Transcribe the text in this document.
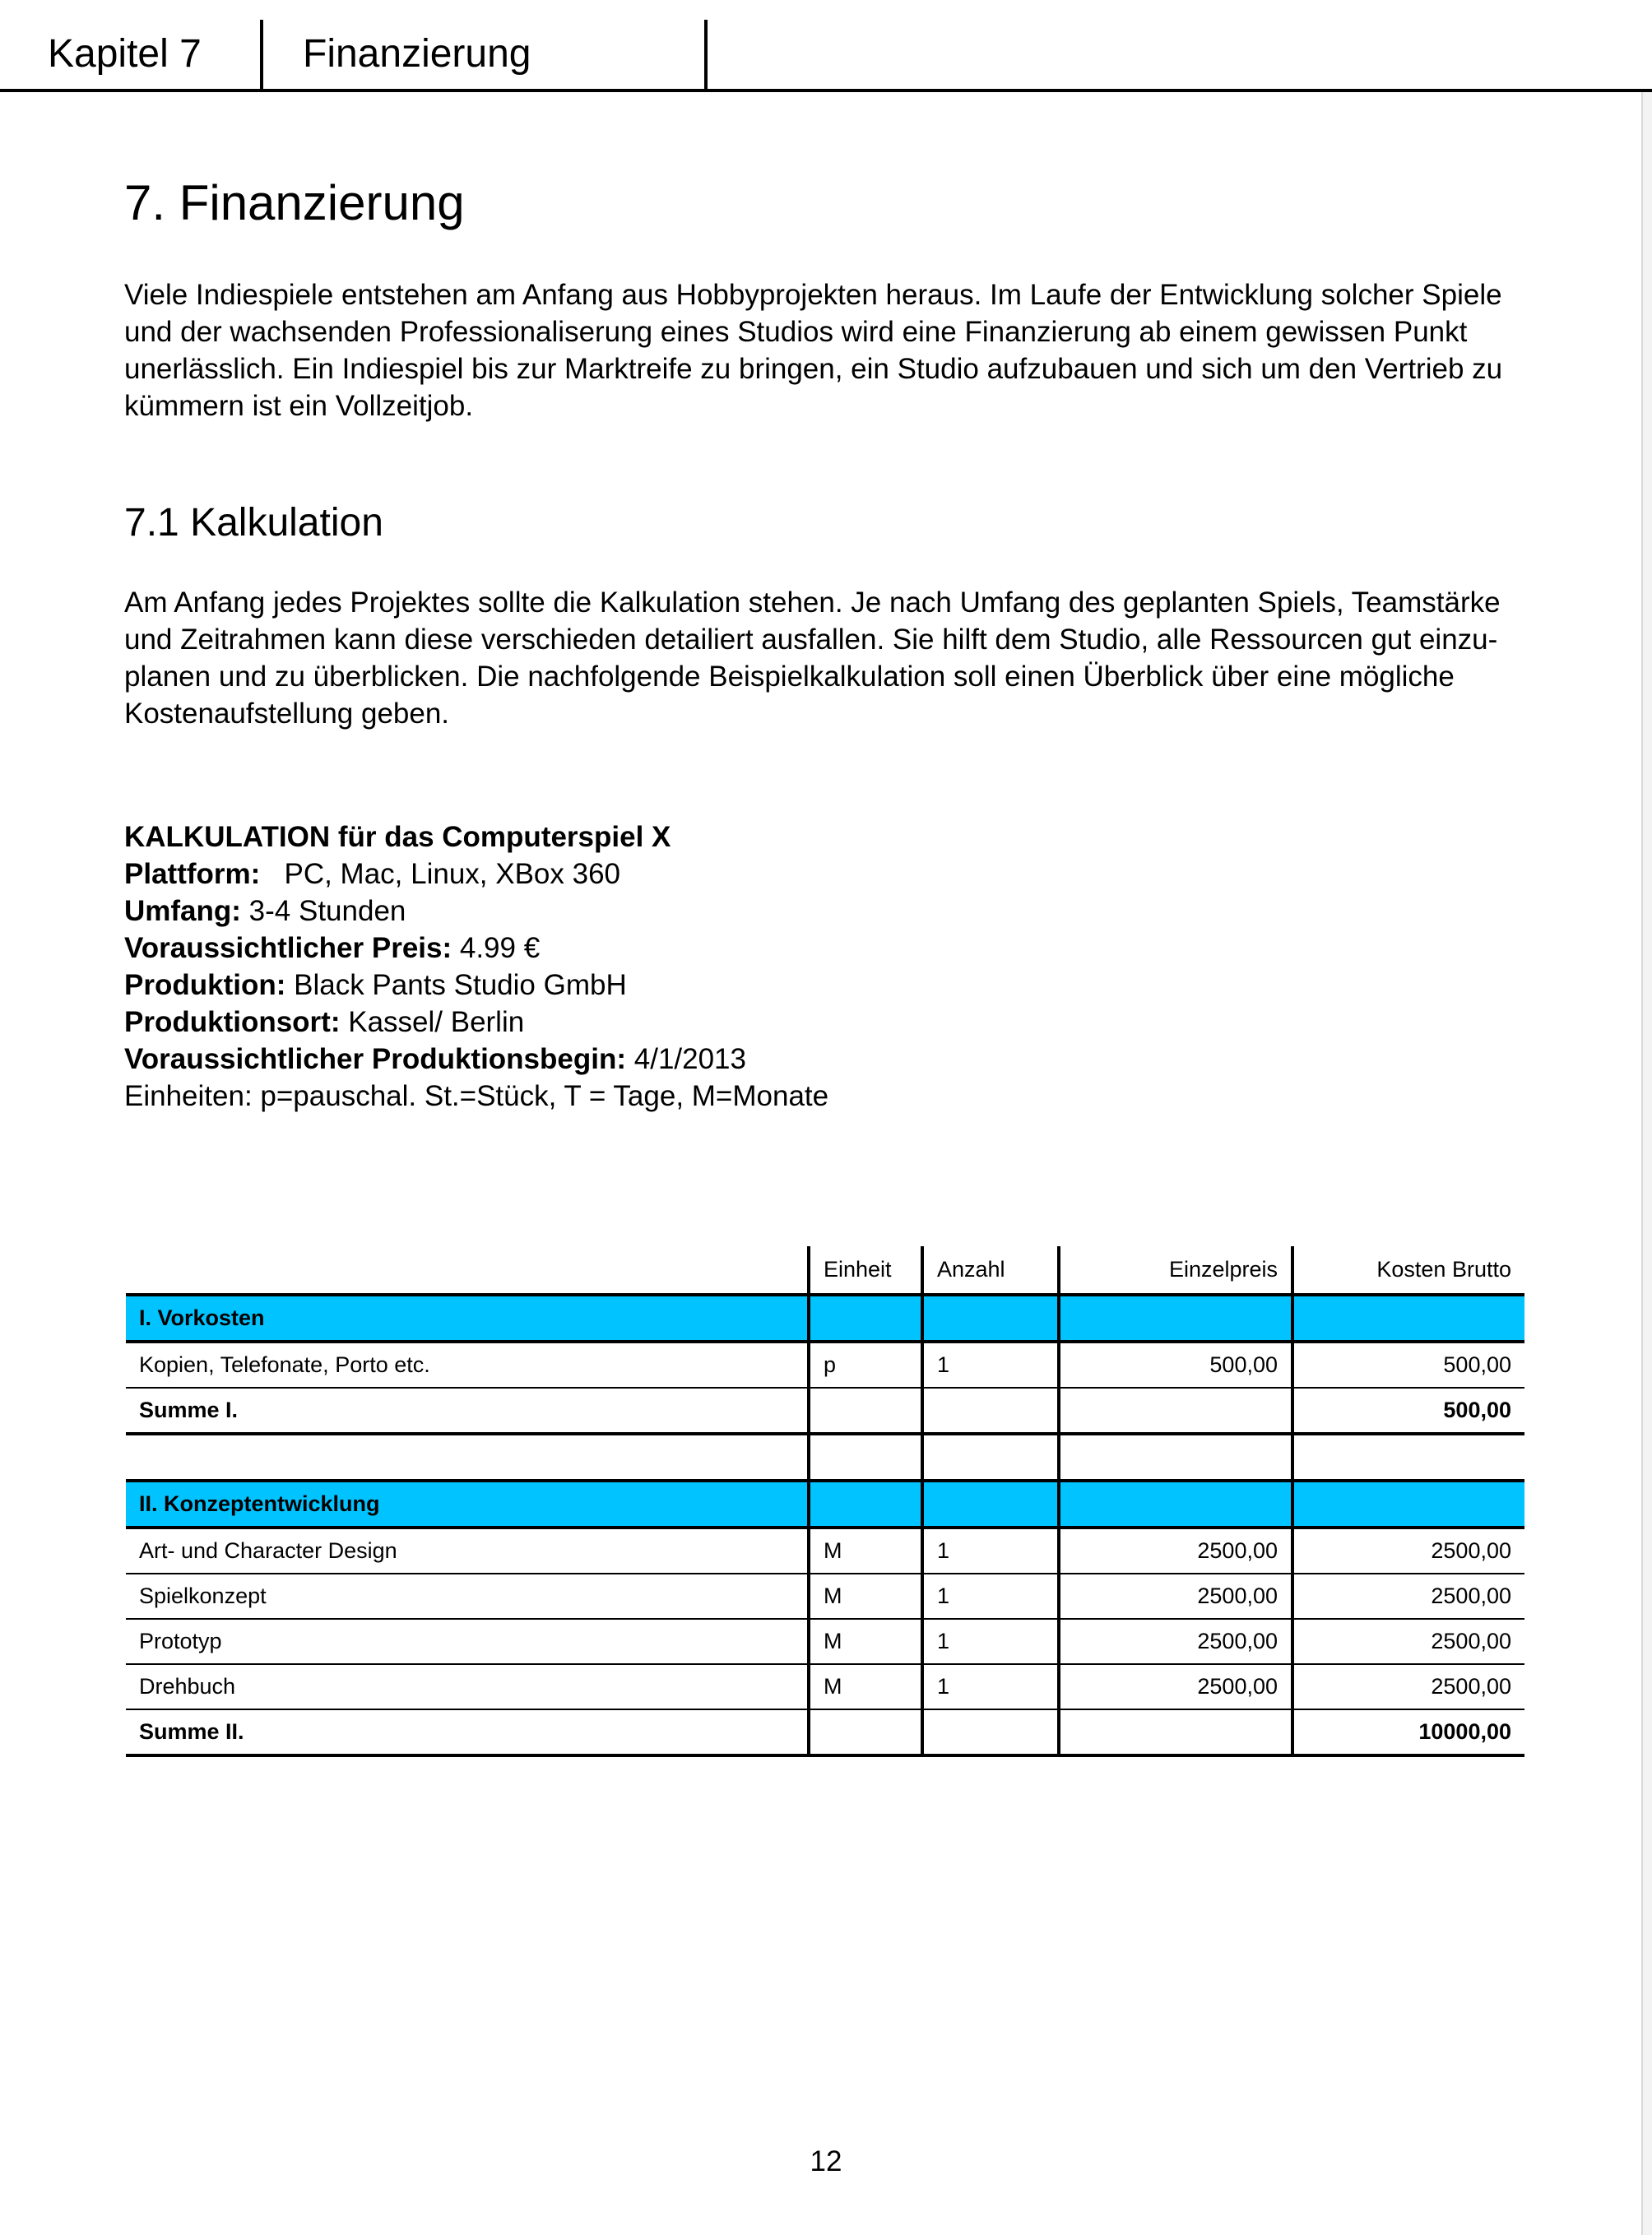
Kapitel 7	Finanzierung
7. Finanzierung

Viele Indiespiele entstehen am Anfang aus Hobbyprojekten heraus. Im Laufe der Entwicklung solcher Spiele und der wachsenden Professionaliserung eines Studios wird eine Finanzierung ab einem gewissen Punkt unerlässlich. Ein Indiespiel bis zur Marktreife zu bringen, ein Studio aufzubauen und sich um den Vertrieb zu kümmern ist ein Vollzeitjob.

7.1 Kalkulation

Am Anfang jedes Projektes sollte die Kalkulation stehen. Je nach Umfang des geplanten Spiels, Teamstärke und Zeitrahmen kann diese verschieden detailiert ausfallen. Sie hilft dem Studio, alle Ressourcen gut einzu-planen und zu überblicken. Die nachfolgende Beispielkalkulation soll einen Überblick über eine mögliche Kostenaufstellung geben.

KALKULATION für das Computerspiel X
Plattform: PC, Mac, Linux, XBox 360
Umfang: 3-4 Stunden
Voraussichtlicher Preis: 4.99 €
Produktion: Black Pants Studio GmbH
Produktionsort: Kassel/ Berlin
Voraussichtlicher Produktionsbegin: 4/1/2013
Einheiten: p=pauschal. St.=Stück, T = Tage, M=Monate
	Einheit	Anzahl	Einzelpreis	Kosten Brutto
I. Vorkosten				
Kopien, Telefonate, Porto etc.	p	1	500,00	500,00
Summe I.				500,00

II. Konzeptentwicklung				
Art- und Character Design	M	1	2500,00	2500,00
Spielkonzept	M	1	2500,00	2500,00
Prototyp	M	1	2500,00	2500,00
Drehbuch	M	1	2500,00	2500,00
Summe II.				10000,00
12
